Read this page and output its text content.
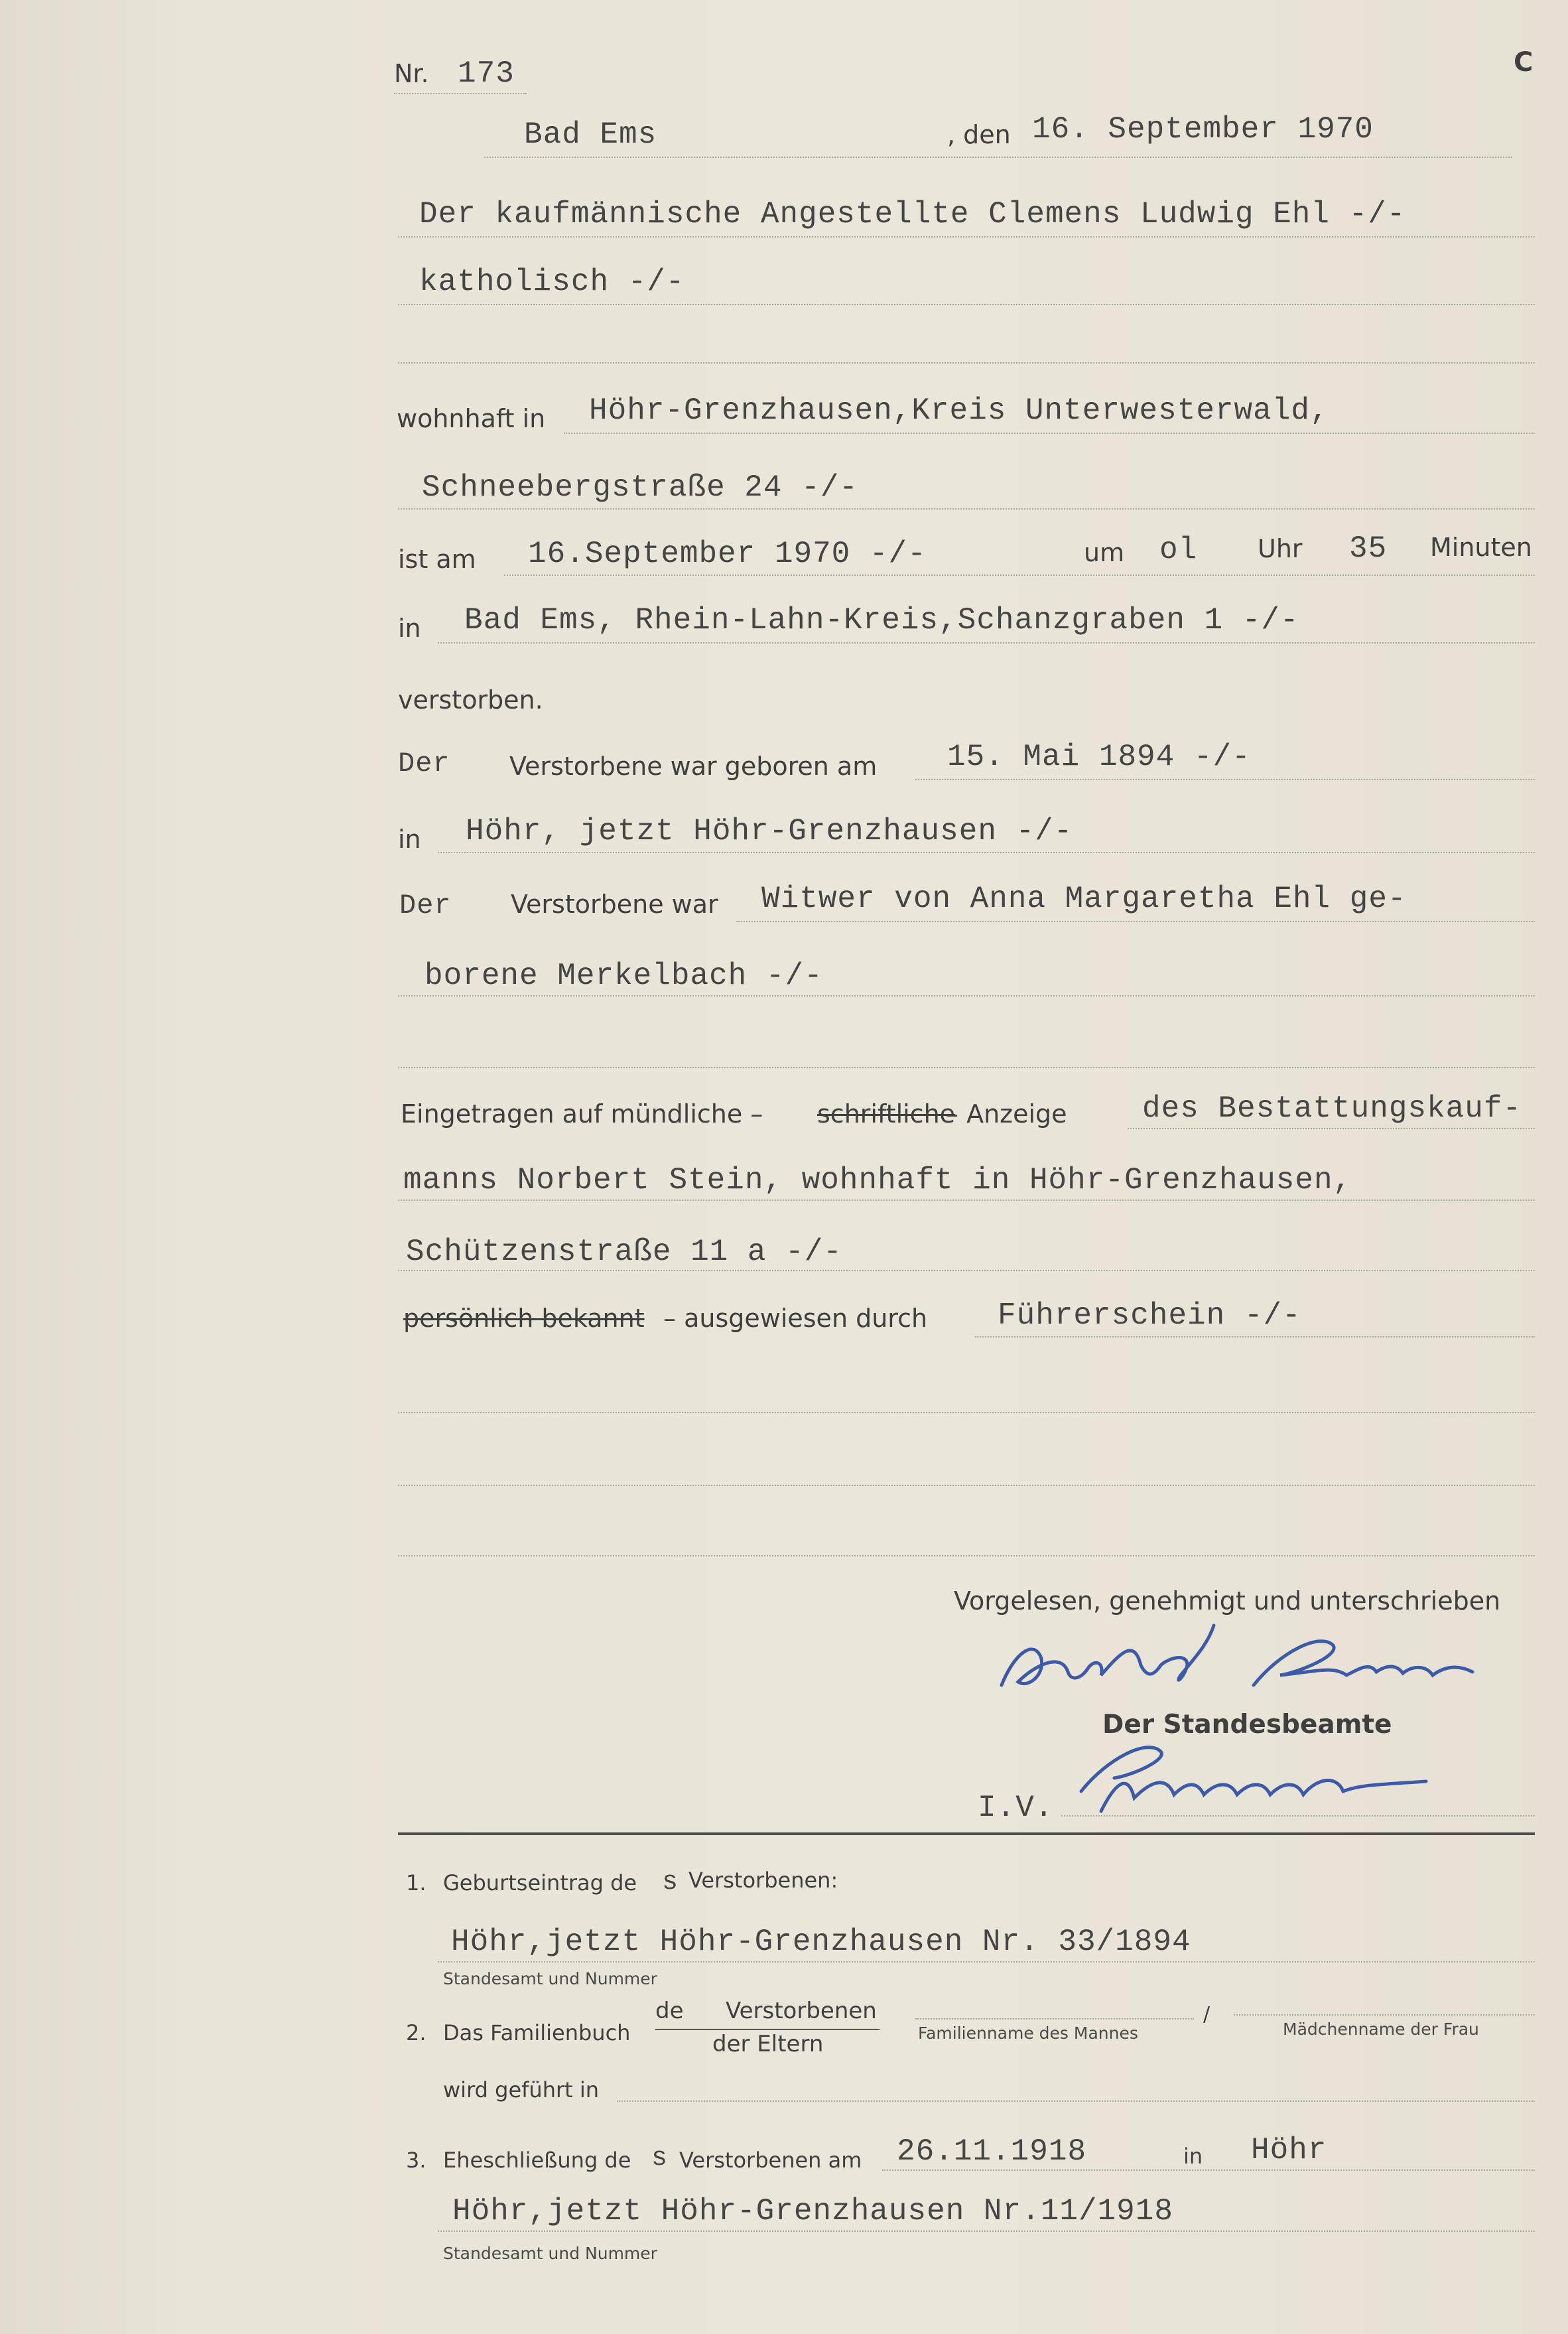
Nr. 173	C
Bad Ems	, den 16. September 1970
Der kaufmännische Angestellte Clemens Ludwig Ehl -/-
katholisch -/-
wohnhaft in Höhr-Grenzhausen,Kreis Unterwesterwald,
Schneebergstraße 24 -/-
ist am 16.September 1970 -/-	um ol Uhr 35 Minuten
in Bad Ems, Rhein-Lahn-Kreis,Schanzgraben 1 -/-
verstorben.
Der Verstorbene war geboren am 15. Mai 1894 -/-
in Höhr, jetzt Höhr-Grenzhausen -/-
Der Verstorbene war Witwer von Anna Margaretha Ehl ge-
borene Merkelbach -/-
Eingetragen auf mündliche – schriftliche
– Anzeige des Bestattungskauf-
manns Norbert Stein, wohnhaft in Höhr-Grenzhausen,
Schützenstraße 11 a -/-
persönlich bekannt – ausgewiesen durch Führerschein -/-
Vorgelesen, genehmigt und unterschrieben
Der Standesbeamte
I.V.
1. Geburtseintrag de s Verstorbenen:
Höhr,jetzt Höhr-Grenzhausen Nr. 33/1894
Standesamt und Nummer
de Verstorbenen
2. Das Familienbuch	der Eltern	Familienname des Mannes
/
Mädchenname der Frau
wird geführt in
3. Eheschließung de s Verstorbenen am 26.11.1918	in Höhr
Höhr,jetzt Höhr-Grenzhausen Nr.11/1918
Standesamt und Nummer
